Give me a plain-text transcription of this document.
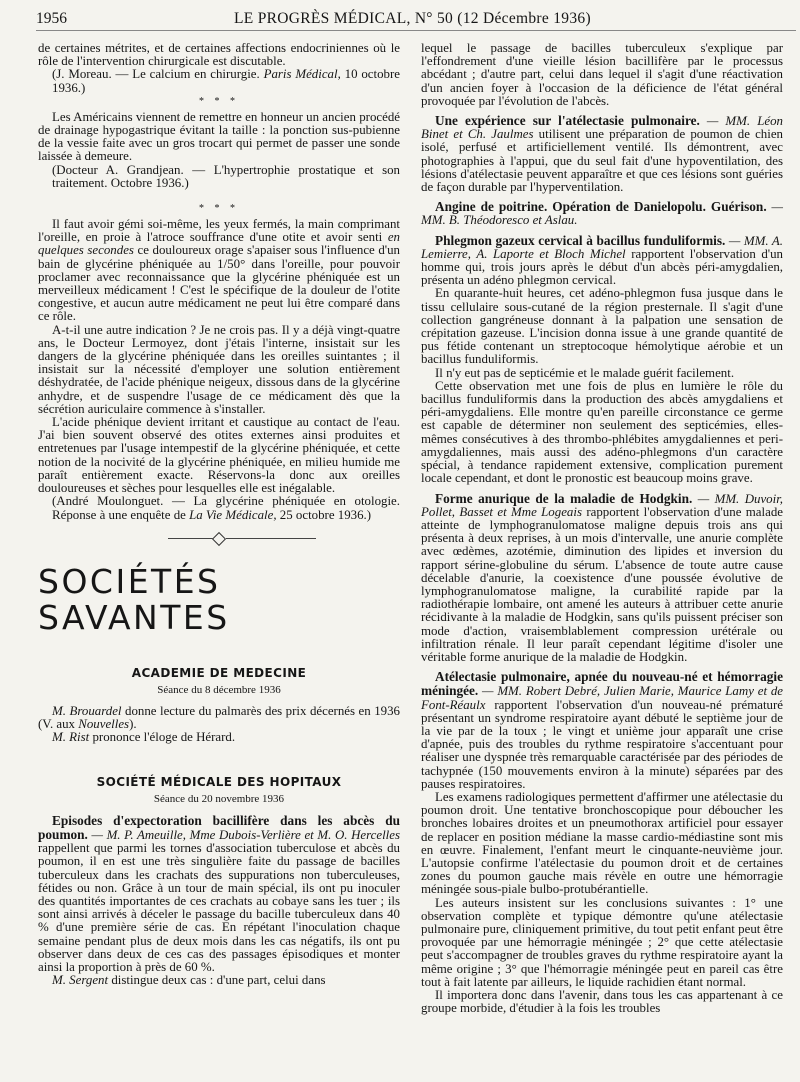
1956	LE PROGRÈS MÉDICAL, N° 50 (12 Décembre 1936)

de certaines métrites, et de certaines affections endocriniennes où le rôle de l'intervention chirurgicale est discutable.

(J. Moreau. — Le calcium en chirurgie. Paris Médical, 10 octobre 1936.)

* * *

Les Américains viennent de remettre en honneur un ancien procédé de drainage hypogastrique évitant la taille : la ponction sus-pubienne de la vessie faite avec un gros trocart qui permet de passer une sonde laissée à demeure.

(Docteur A. Grandjean. — L'hypertrophie prostatique et son traitement. Octobre 1936.)

* * *

Il faut avoir gémi soi-même, les yeux fermés, la main comprimant l'oreille, en proie à l'atroce souffrance d'une otite et avoir senti en quelques secondes ce douloureux orage s'apaiser sous l'influence d'un bain de glycérine phéniquée au 1/50° dans l'oreille, pour pouvoir proclamer avec reconnaissance que la glycérine phéniquée est un merveilleux médicament ! C'est le spécifique de la douleur de l'otite congestive, et aucun autre médicament ne peut lui être comparé dans ce rôle.

A-t-il une autre indication ? Je ne crois pas. Il y a déjà vingt-quatre ans, le Docteur Lermoyez, dont j'étais l'interne, insistait sur les dangers de la glycérine phéniquée dans les oreilles suintantes ; il insistait sur la nécessité d'employer une solution entièrement déshydratée, de l'acide phénique neigeux, dissous dans de la glycérine anhydre, et de suspendre l'usage de ce médicament dès que la sécrétion auriculaire commence à s'installer.

L'acide phénique devient irritant et caustique au contact de l'eau. J'ai bien souvent observé des otites externes ainsi produites et entretenues par l'usage intempestif de la glycérine phéniquée, et cette notion de la nocivité de la glycérine phéniquée, en milieu humide me paraît entièrement exacte. Réservons-la donc aux oreilles douloureuses et sèches pour lesquelles elle est inégalable.

(André Moulonguet. — La glycérine phéniquée en otologie. Réponse à une enquête de La Vie Médicale, 25 octobre 1936.)

SOCIÉTÉS SAVANTES
ACADEMIE DE MEDECINE
Séance du 8 décembre 1936

M. Brouardel donne lecture du palmarès des prix décernés en 1936 (V. aux Nouvelles).

M. Rist prononce l'éloge de Hérard.

SOCIÉTÉ MÉDICALE DES HOPITAUX
Séance du 20 novembre 1936

Episodes d'expectoration bacillifère dans les abcès du poumon. — M. P. Ameuille, Mme Dubois-Verlière et M. O. Hercelles rappellent que parmi les tornes d'association tuberculose et abcès du poumon, il en est une très singulière faite du passage de bacilles tuberculeux dans les crachats des suppurations non tuberculeuses, fétides ou non. Grâce à un tour de main spécial, ils ont pu inoculer des quantités importantes de ces crachats au cobaye sans les tuer ; ils sont ainsi arrivés à déceler le passage du bacille tuberculeux dans 40 % d'une première série de cas. En répétant l'inoculation chaque semaine pendant plus de deux mois dans les cas négatifs, ils ont pu observer dans deux de ces cas des passages épisodiques et monter ainsi la proportion à près de 60 %.

M. Sergent distingue deux cas : d'une part, celui dans

lequel le passage de bacilles tuberculeux s'explique par l'effondrement d'une vieille lésion bacillifère par le processus abcédant ; d'autre part, celui dans lequel il s'agit d'une réactivation d'un ancien foyer à l'occasion de la déficience de l'état général provoquée par l'évolution de l'abcès.

Une expérience sur l'atélectasie pulmonaire. — MM. Léon Binet et Ch. Jaulmes utilisent une préparation de poumon de chien isolé, perfusé et artificiellement ventilé. Ils démontrent, avec photographies à l'appui, que du seul fait d'une hypoventilation, des lésions d'atélectasie peuvent apparaître et que ces lésions sont guéries de façon durable par l'hyperventilation.

Angine de poitrine. Opération de Danielopolu. Guérison. — MM. B. Théodoresco et Aslau.

Phlegmon gazeux cervical à bacillus funduliformis. — MM. A. Lemierre, A. Laporte et Bloch Michel rapportent l'observation d'un homme qui, trois jours après le début d'un abcès péri-amygdalien, présenta un adéno phlegmon cervical.

En quarante-huit heures, cet adéno-phlegmon fusa jusque dans le tissu cellulaire sous-cutané de la région presternale. Il s'agit d'une collection gangréneuse donnant à la palpation une sensation de crépitation gazeuse. L'incision donna issue à une grande quantité de pus fétide contenant un streptocoque hémolytique aérobie et un bacillus funduliformis.

Il n'y eut pas de septicémie et le malade guérit facilement.

Cette observation met une fois de plus en lumière le rôle du bacillus funduliformis dans la production des abcès amygdaliens et péri-amygdaliens. Elle montre qu'en pareille circonstance ce germe est capable de déterminer non seulement des septicémies, elles-mêmes consécutives à des thrombo-phlébites amygdaliennes et peri-amygdaliennes, mais aussi des adéno-phlegmons d'un caractère spécial, à tendance rapidement extensive, complication purement locale cependant, et dont le pronostic est beaucoup moins grave.

Forme anurique de la maladie de Hodgkin. — MM. Duvoir, Pollet, Basset et Mme Logeais rapportent l'observation d'une malade atteinte de lymphogranulomatose maligne depuis trois ans qui présenta à deux reprises, à un mois d'intervalle, une anurie complète avec œdèmes, azotémie, diminution des lipides et inversion du rapport sérine-globuline du sérum. L'absence de toute autre cause décelable d'anurie, la coexistence d'une poussée évolutive de lymphogranulomatose maligne, la curabilité rapide par la radiothérapie lombaire, ont amené les auteurs à attribuer cette anurie récidivante à la maladie de Hodgkin, sans qu'ils puissent préciser son mode d'action, vraisemblablement compression urétérale ou infiltration rénale. Il leur paraît cependant légitime d'isoler une véritable forme anurique de la maladie de Hodgkin.

Atélectasie pulmonaire, apnée du nouveau-né et hémorragie méningée. — MM. Robert Debré, Julien Marie, Maurice Lamy et de Font-Réaulx rapportent l'observation d'un nouveau-né prématuré présentant un syndrome respiratoire ayant débuté le septième jour de la vie par de la toux ; le vingt et unième jour apparaît une crise d'apnée, puis des troubles du rythme respiratoire s'accentuant pour réaliser une dyspnée très remarquable caractérisée par des périodes de tachypnée (150 mouvements environ à la minute) séparées par des pauses respiratoires.

Les examens radiologiques permettent d'affirmer une atélectasie du poumon droit. Une tentative bronchoscopique pour déboucher les bronches lobaires droites et un pneumothorax artificiel pour essayer de replacer en position médiane la masse cardio-médiastine sont mis en œuvre. Finalement, l'enfant meurt le cinquante-neuvième jour. L'autopsie confirme l'atélectasie du poumon droit et de certaines zones du poumon gauche mais révèle en outre une hémorragie méningée sous-piale bulbo-protubérantielle.

Les auteurs insistent sur les conclusions suivantes : 1° une observation complète et typique démontre qu'une atélectasie pulmonaire pure, cliniquement primitive, du tout petit enfant peut être provoquée par une hémorragie méningée ; 2° que cette atélectasie peut s'accompagner de troubles graves du rythme respiratoire ayant la même origine ; 3° que l'hémorragie méningée peut en pareil cas être tout à fait latente par ailleurs, le liquide rachidien étant normal.

Il importera donc dans l'avenir, dans tous les cas appartenant à ce groupe morbide, d'étudier à la fois les troubles
